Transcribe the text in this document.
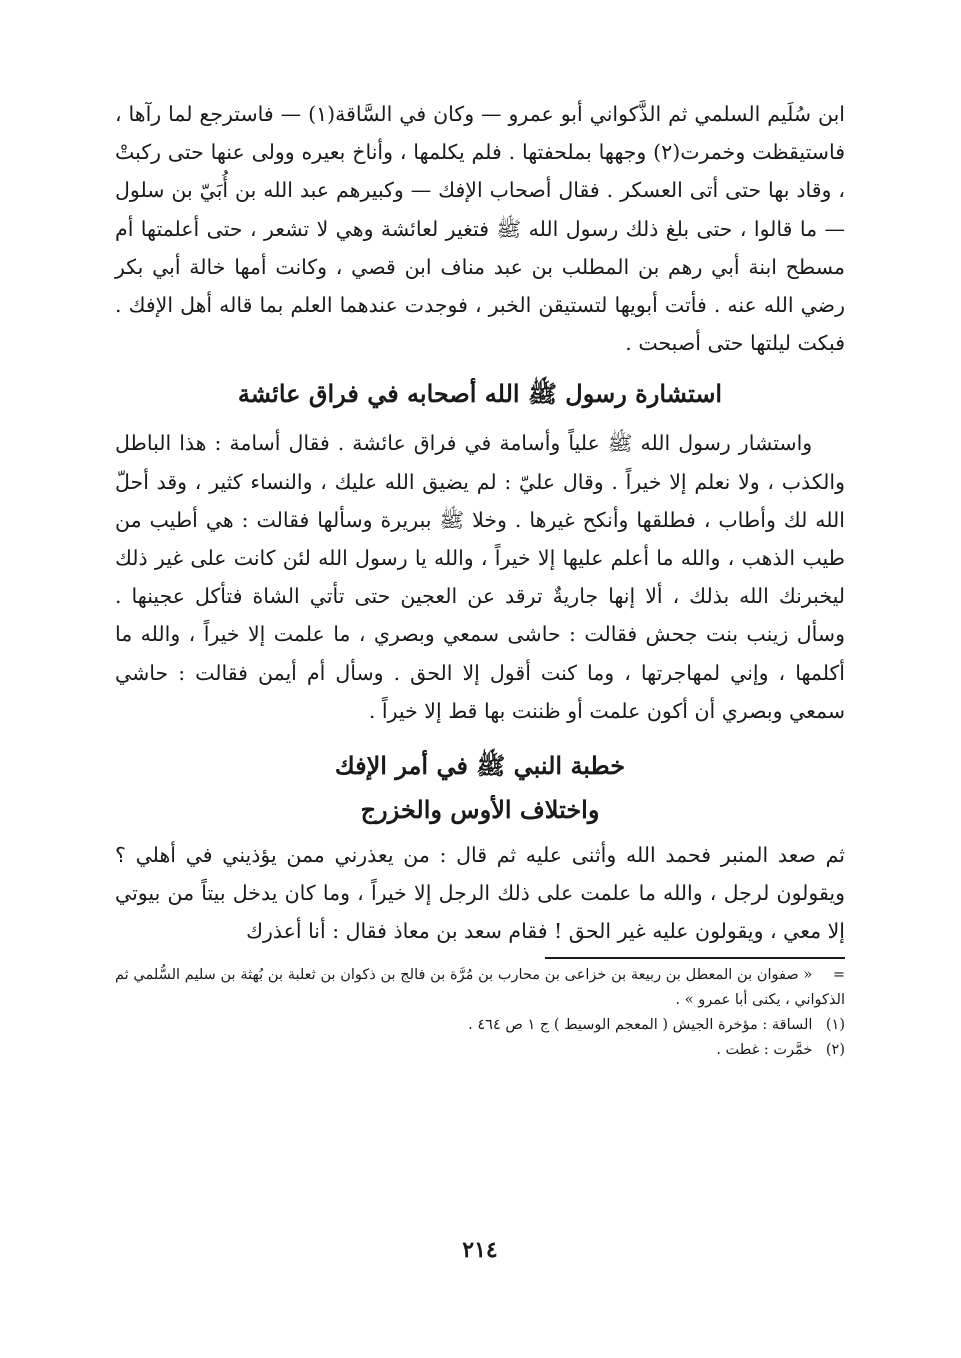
ابن سُلَيم السلمي ثم الذَّكواني أبو عمرو — وكان في السَّاقة(١) — فاسترجع لما رآها ، فاستيقظت وخمرت(٢) وجهها بملحفتها . فلم يكلمها ، وأناخ بعيره وولى عنها حتى ركبتْ ، وقاد بها حتى أتى العسكر . فقال أصحاب الإفك — وكبيرهم عبد الله بن أُبَيّ بن سلول — ما قالوا ، حتى بلغ ذلك رسول الله ﷺ فتغير لعائشة وهي لا تشعر ، حتى أعلمتها أم مسطح ابنة أبي رهم بن المطلب بن عبد مناف ابن قصي ، وكانت أمها خالة أبي بكر رضي الله عنه . فأتت أبويها لتستيقن الخبر ، فوجدت عندهما العلم بما قاله أهل الإفك . فبكت ليلتها حتى أصبحت .

استشارة رسول ﷺ الله أصحابه في فراق عائشة

واستشار رسول الله ﷺ علياً وأسامة في فراق عائشة . فقال أسامة : هذا الباطل والكذب ، ولا نعلم إلا خيراً . وقال عليّ : لم يضيق الله عليك ، والنساء كثير ، وقد أحلّ الله لك وأطاب ، فطلقها وأنكح غيرها . وخلا ﷺ ببريرة وسألها فقالت : هي أطيب من طيب الذهب ، والله ما أعلم عليها إلا خيراً ، والله يا رسول الله لئن كانت على غير ذلك ليخبرنك الله بذلك ، ألا إنها جاريةٌ ترقد عن العجين حتى تأتي الشاة فتأكل عجينها . وسأل زينب بنت جحش فقالت : حاشى سمعي وبصري ، ما علمت إلا خيراً ، والله ما أكلمها ، وإني لمهاجرتها ، وما كنت أقول إلا الحق . وسأل أم أيمن فقالت : حاشي سمعي وبصري أن أكون علمت أو ظننت بها قط إلا خيراً .

خطبة النبي ﷺ في أمر الإفك
واختلاف الأوس والخزرج

ثم صعد المنبر فحمد الله وأثنى عليه ثم قال : من يعذرني ممن يؤذيني في أهلي ؟ ويقولون لرجل ، والله ما علمت على ذلك الرجل إلا خيراً ، وما كان يدخل بيتاً من بيوتي إلا معي ، ويقولون عليه غير الحق ! فقام سعد بن معاذ فقال : أنا أعذرك

= « صفوان بن المعطل بن ربيعة بن خزاعى بن محارب بن مُرَّة بن فالج بن ذكوان بن ثعلبة بن بُهثة بن سليم السُّلمي ثم الذكواني ، يكنى أبا عمرو » .
(١) الساقة : مؤخرة الجيش ( المعجم الوسيط ) ج ١ ص ٤٦٤ .
(٢) خمَّرت : غطت .
٢١٤
